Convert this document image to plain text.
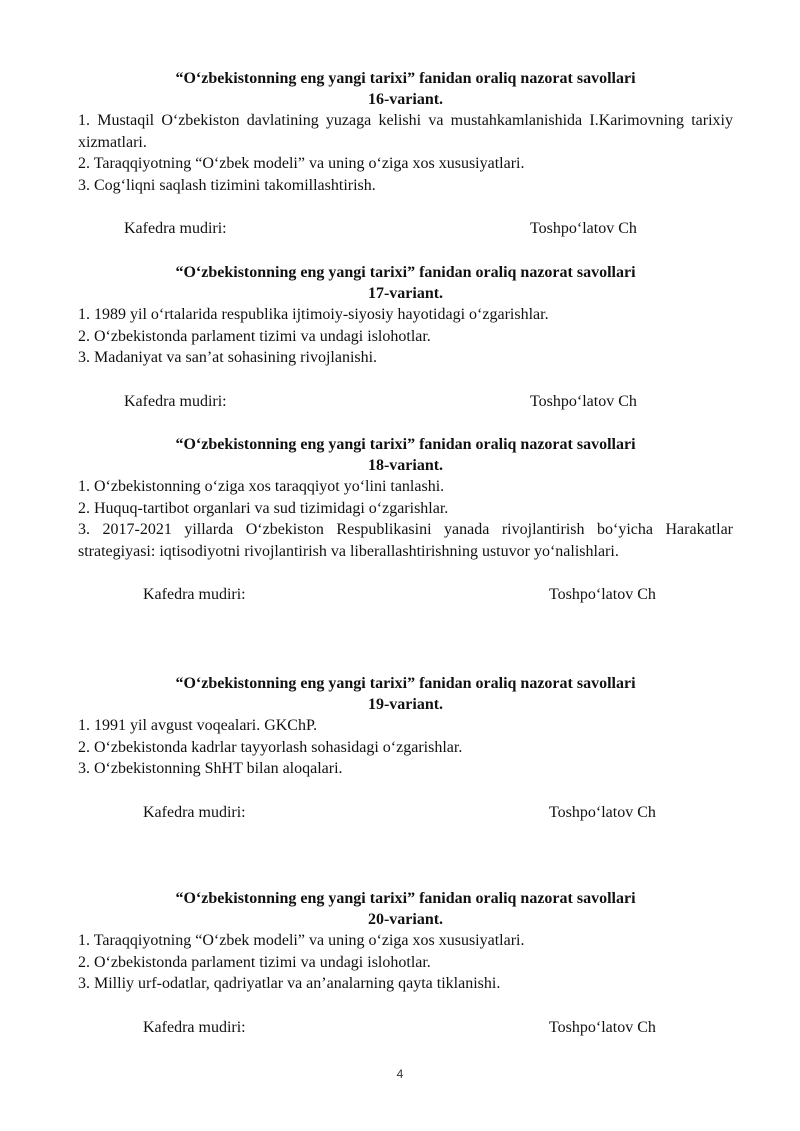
“O‘zbekistonning eng yangi tarixi” fanidan oraliq nazorat savollari

16-variant.

1. Mustaqil O‘zbekiston davlatining yuzaga kelishi va mustahkamlanishida I.Karimovning tarixiy xizmatlari.

2. Taraqqiyotning “O‘zbek modeli” va uning o‘ziga xos xususiyatlari.

3. Cog‘liqni saqlash tizimini takomillashtirish.

Kafedra mudiri:	Toshpo‘latov Ch

“O‘zbekistonning eng yangi tarixi” fanidan oraliq nazorat savollari

17-variant.

1. 1989 yil o‘rtalarida respublika ijtimoiy-siyosiy hayotidagi o‘zgarishlar.

2. O‘zbekistonda parlament tizimi va undagi islohotlar.

3. Madaniyat va san’at sohasining rivojlanishi.

Kafedra mudiri:	Toshpo‘latov Ch

“O‘zbekistonning eng yangi tarixi” fanidan oraliq nazorat savollari

18-variant.

1. O‘zbekistonning o‘ziga xos taraqqiyot yo‘lini tanlashi.

2. Huquq-tartibot organlari va sud tizimidagi o‘zgarishlar.

3. 2017-2021 yillarda O‘zbekiston Respublikasini yanada rivojlantirish bo‘yicha Harakatlar strategiyasi: iqtisodiyotni rivojlantirish va liberallashtirishning ustuvor yo‘nalishlari.

Kafedra mudiri:	Toshpo‘latov Ch

“O‘zbekistonning eng yangi tarixi” fanidan oraliq nazorat savollari

19-variant.

1. 1991 yil avgust voqealari. GKChP.

2. O‘zbekistonda kadrlar tayyorlash sohasidagi o‘zgarishlar.

3. O‘zbekistonning ShHT bilan aloqalari.

Kafedra mudiri:	Toshpo‘latov Ch

“O‘zbekistonning eng yangi tarixi” fanidan oraliq nazorat savollari

20-variant.

1. Taraqqiyotning “O‘zbek modeli” va uning o‘ziga xos xususiyatlari.

2. O‘zbekistonda parlament tizimi va undagi islohotlar.

3. Milliy urf-odatlar, qadriyatlar va an’analarning qayta tiklanishi.

Kafedra mudiri:	Toshpo‘latov Ch
4
